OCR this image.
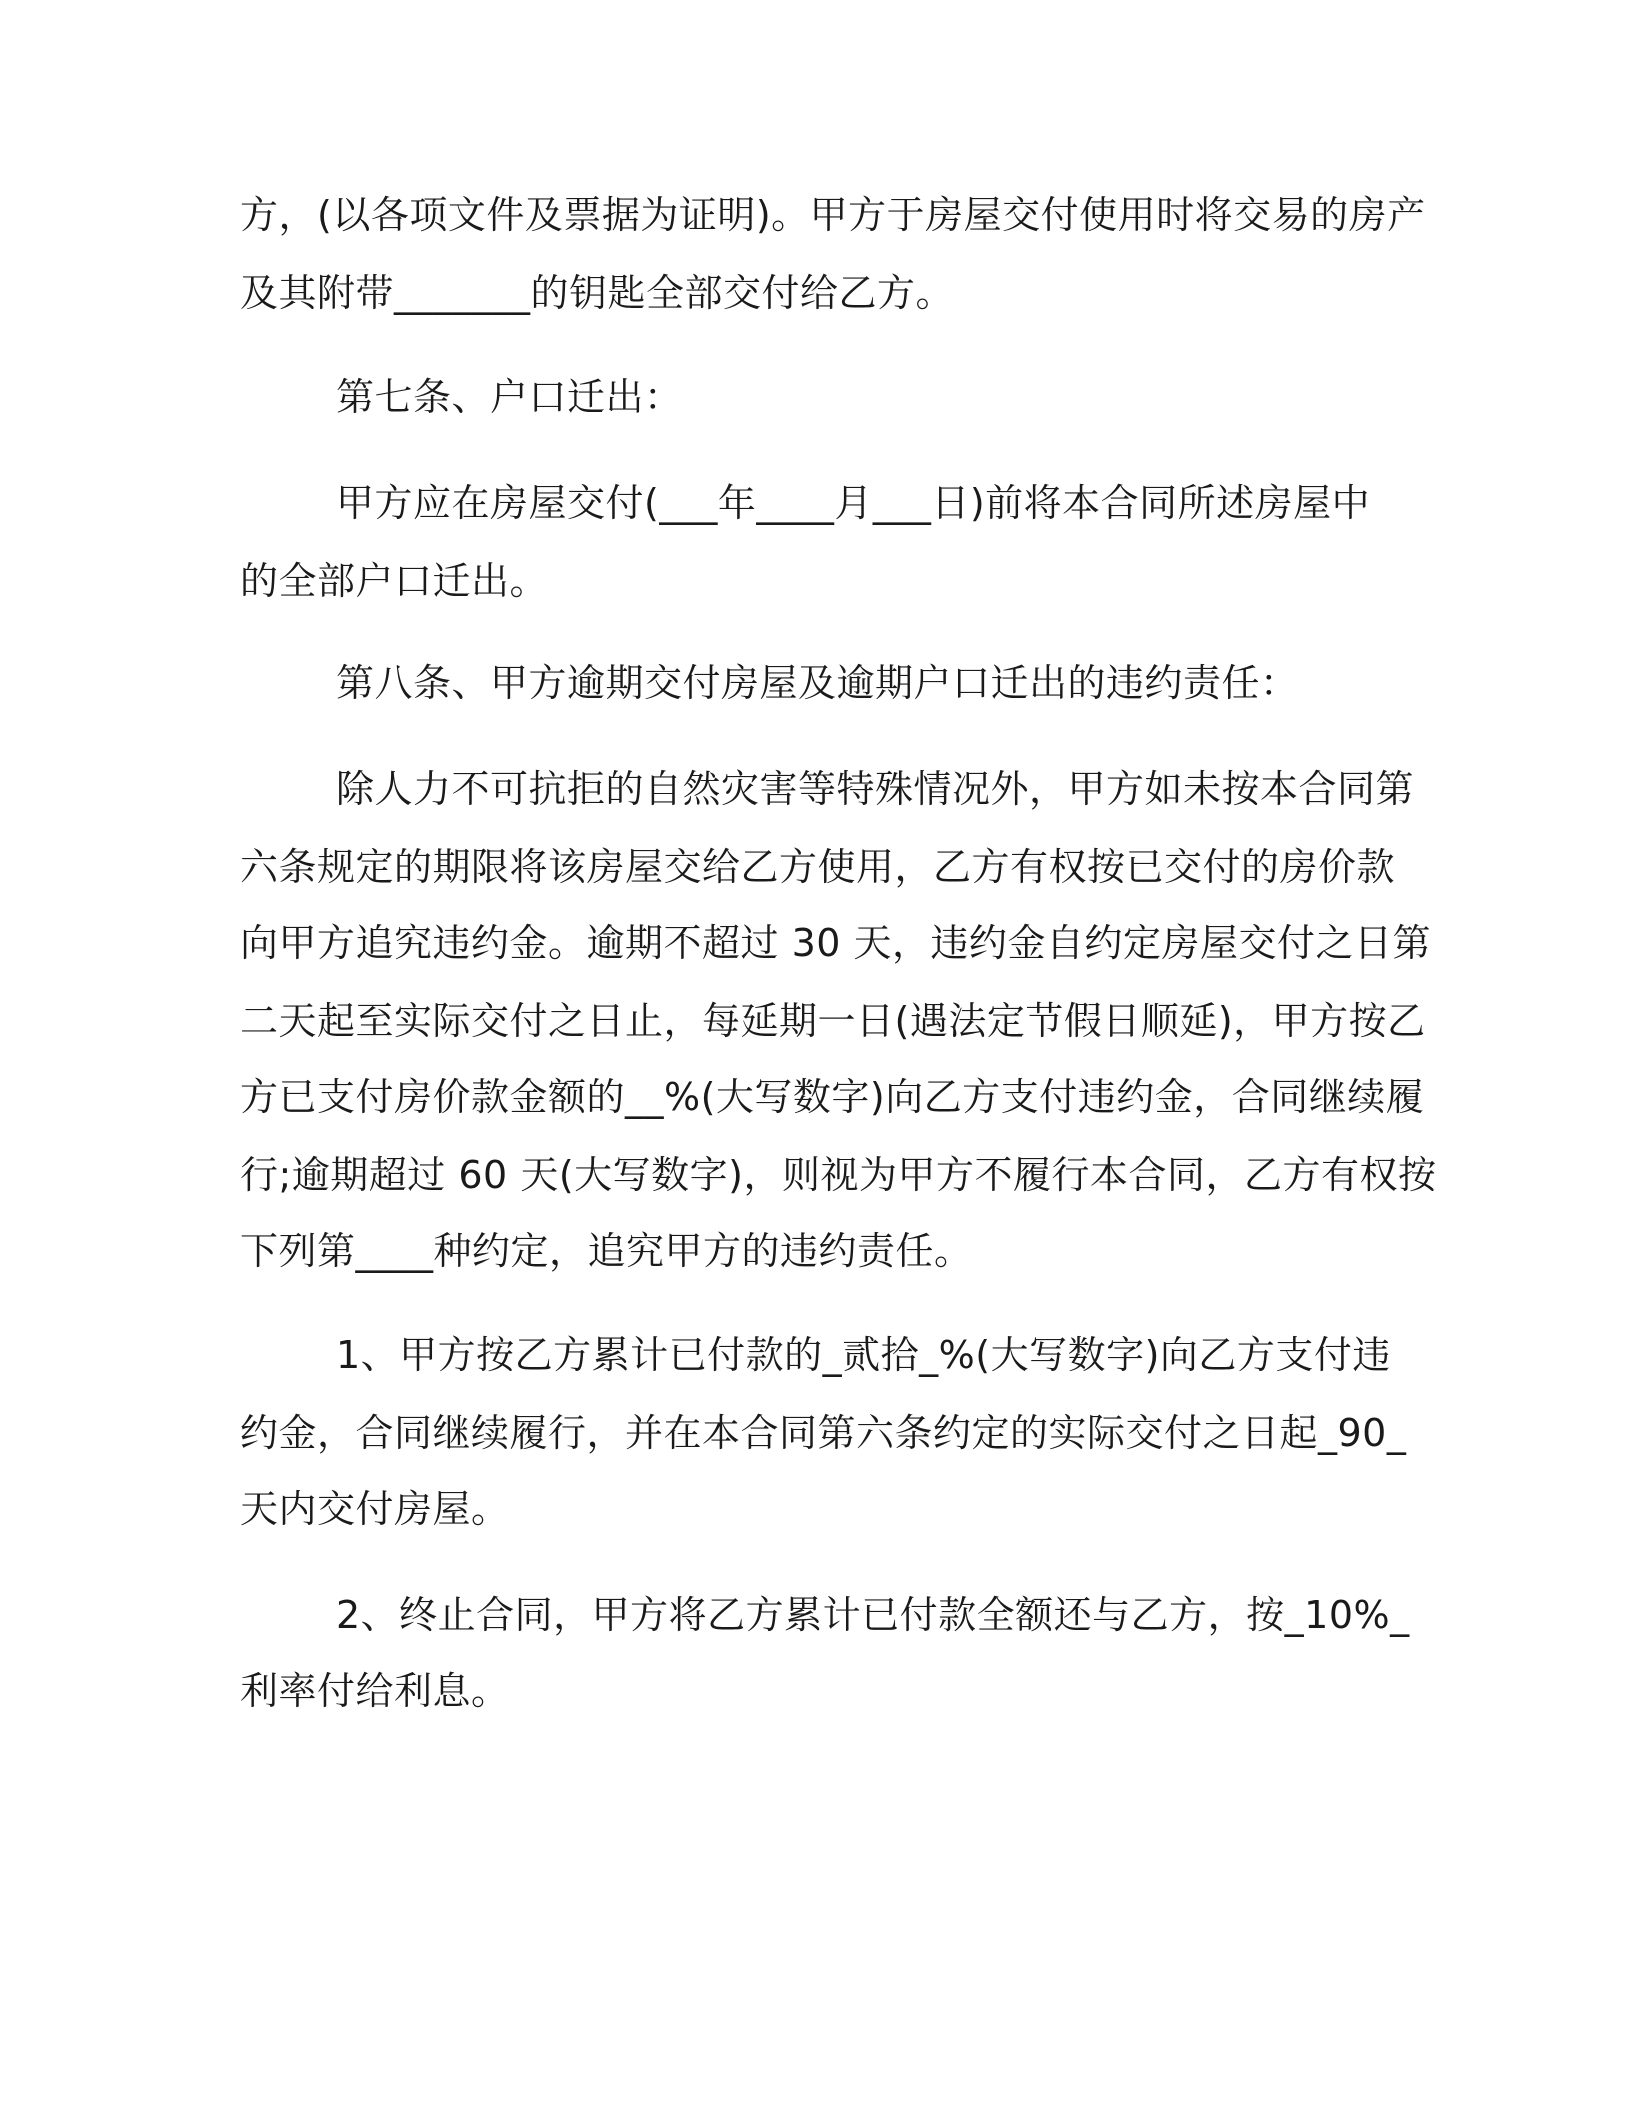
方，(以各项文件及票据为证明)。甲方于房屋交付使用时将交易的房产
及其附带_______的钥匙全部交付给乙方。
第七条、户口迁出：
甲方应在房屋交付(___年____月___日)前将本合同所述房屋中
的全部户口迁出。
第八条、甲方逾期交付房屋及逾期户口迁出的违约责任：
除人力不可抗拒的自然灾害等特殊情况外，甲方如未按本合同第
六条规定的期限将该房屋交给乙方使用，乙方有权按已交付的房价款
向甲方追究违约金。逾期不超过 30 天，违约金自约定房屋交付之日第
二天起至实际交付之日止，每延期一日(遇法定节假日顺延)，甲方按乙
方已支付房价款金额的__%(大写数字)向乙方支付违约金，合同继续履
行;逾期超过 60 天(大写数字)，则视为甲方不履行本合同，乙方有权按
下列第____种约定，追究甲方的违约责任。
1、甲方按乙方累计已付款的_贰拾_%(大写数字)向乙方支付违
约金，合同继续履行，并在本合同第六条约定的实际交付之日起_90_
天内交付房屋。
2、终止合同，甲方将乙方累计已付款全额还与乙方，按_10%_
利率付给利息。
